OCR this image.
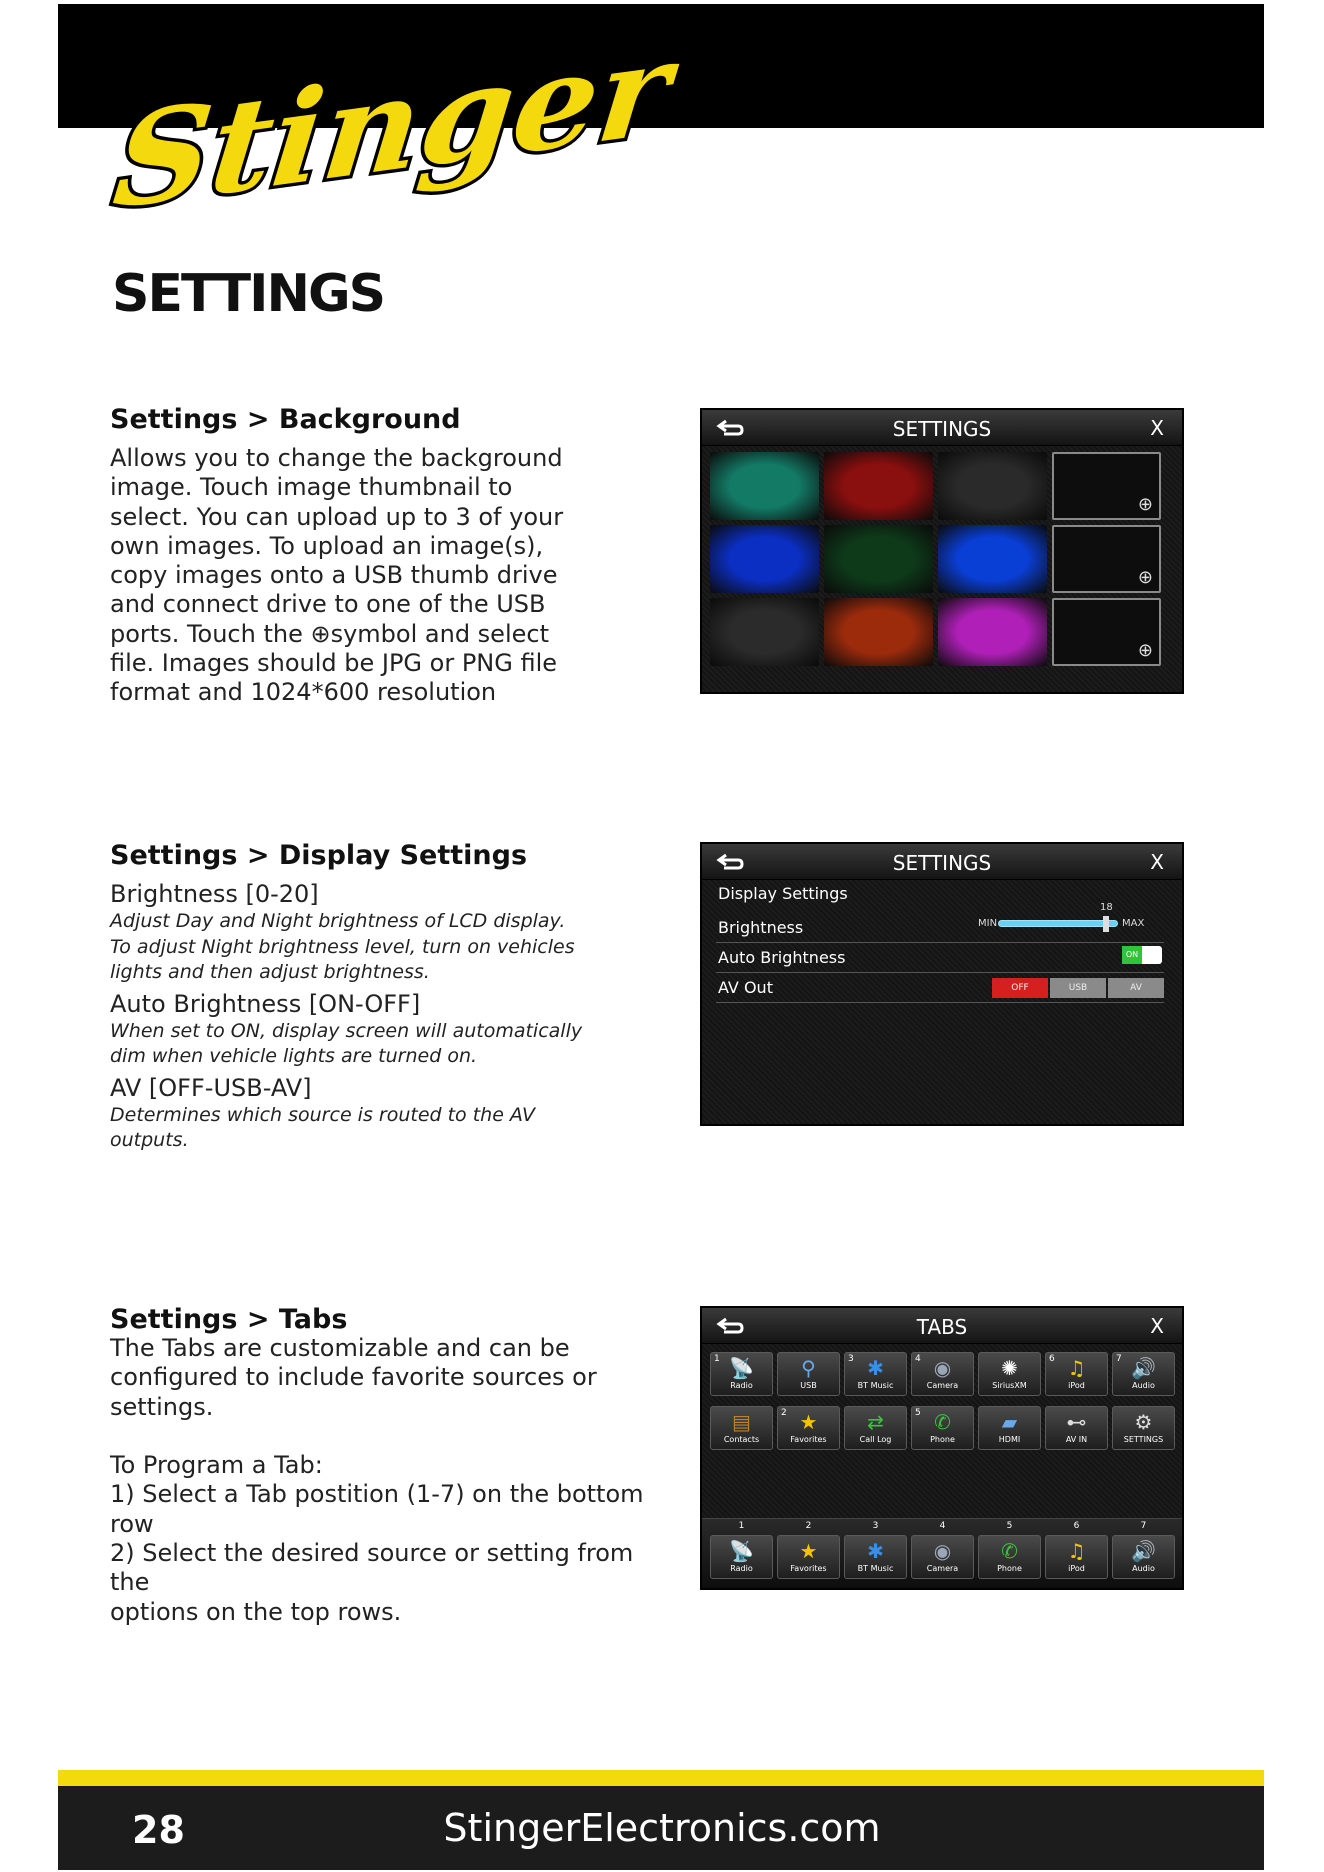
Stinger
SETTINGS
Settings > Background
Allows you to change the background
image. Touch image thumbnail to
select. You can upload up to 3 of your
own images. To upload an image(s),
copy images onto a USB thumb drive
and connect drive to one of the USB
ports. Touch the ⊕symbol and select
file. Images should be JPG or PNG file
format and 1024*600 resolution
SETTINGS	X
⊕
⊕
⊕
Settings > Display Settings
Brightness [0-20]
Adjust Day and Night brightness of LCD display.
To adjust Night brightness level, turn on vehicles
lights and then adjust brightness.
Auto Brightness [ON-OFF]
When set to ON, display screen will automatically
dim when vehicle lights are turned on.
AV [OFF-USB-AV]
Determines which source is routed to the AV
outputs.
SETTINGS	X
Display Settings
Brightness	MIN	MAX
18
Auto Brightness	ON
AV Out	OFF	USB	AV
Settings > Tabs
The Tabs are customizable and can be
configured to include favorite sources or
settings.

To Program a Tab:
1) Select a Tab postition (1-7) on the bottom row
2) Select the desired source or setting from the
options on the top rows.
TABS	X
1 📡
Radio
⚲
USB
3 ✱
BT Music
4 ◉
Camera
✺
SiriusXM
6 ♫
iPod
7 🔊
Audio
▤
Contacts
2 ★
Favorites
⇄
Call Log
5 ✆
Phone
▰
HDMI
⊷
AV IN
⚙
SETTINGS
1	2	3	4	5	6	7
📡
Radio
★
Favorites
✱
BT Music
◉
Camera
✆
Phone
♫
iPod
🔊
Audio
28	StingerElectronics.com
